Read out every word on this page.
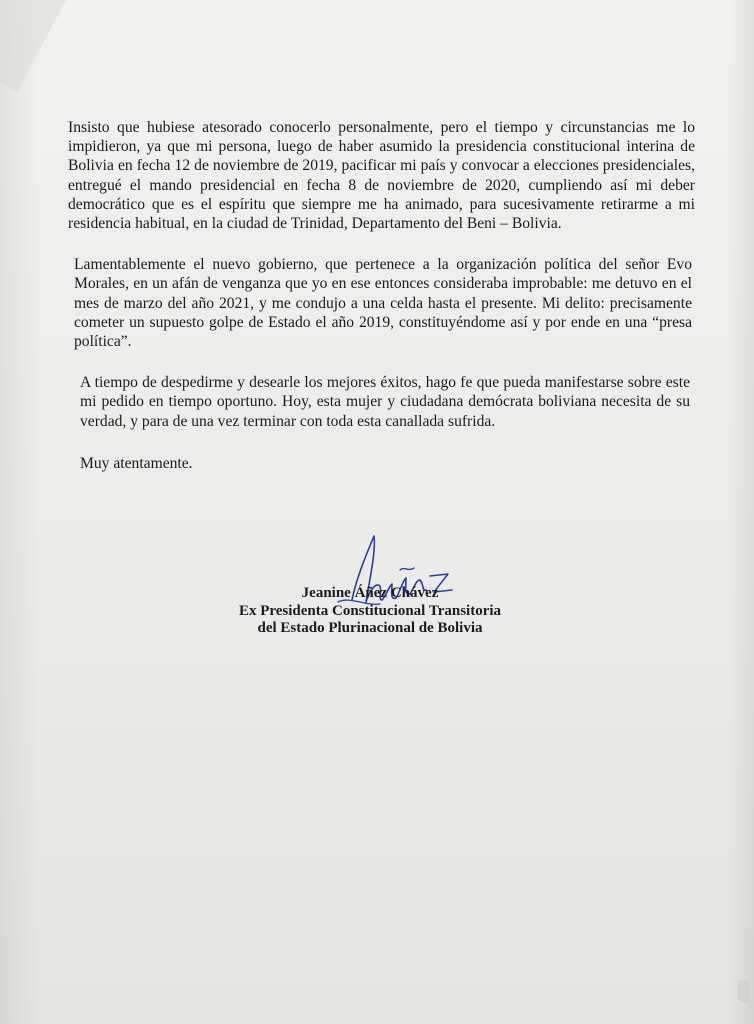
Insisto que hubiese atesorado conocerlo personalmente, pero el tiempo y circunstancias me lo impidieron, ya que mi persona, luego de haber asumido la presidencia constitucional interina de Bolivia en fecha 12 de noviembre de 2019, pacificar mi país y convocar a elecciones presidenciales, entregué el mando presidencial en fecha 8 de noviembre de 2020, cumpliendo así mi deber democrático que es el espíritu que siempre me ha animado, para sucesivamente retirarme a mi residencia habitual, en la ciudad de Trinidad, Departamento del Beni – Bolivia.

Lamentablemente el nuevo gobierno, que pertenece a la organización política del señor Evo Morales, en un afán de venganza que yo en ese entonces consideraba improbable: me detuvo en el mes de marzo del año 2021, y me condujo a una celda hasta el presente. Mi delito: precisamente cometer un supuesto golpe de Estado el año 2019, constituyéndome así y por ende en una “presa política”.

A tiempo de despedirme y desearle los mejores éxitos, hago fe que pueda manifestarse sobre este mi pedido en tiempo oportuno. Hoy, esta mujer y ciudadana demócrata boliviana necesita de su verdad, y para de una vez terminar con toda esta canallada sufrida.

Muy atentamente.

Jeanine Áñez Chávez
Ex Presidenta Constitucional Transitoria
del Estado Plurinacional de Bolivia
